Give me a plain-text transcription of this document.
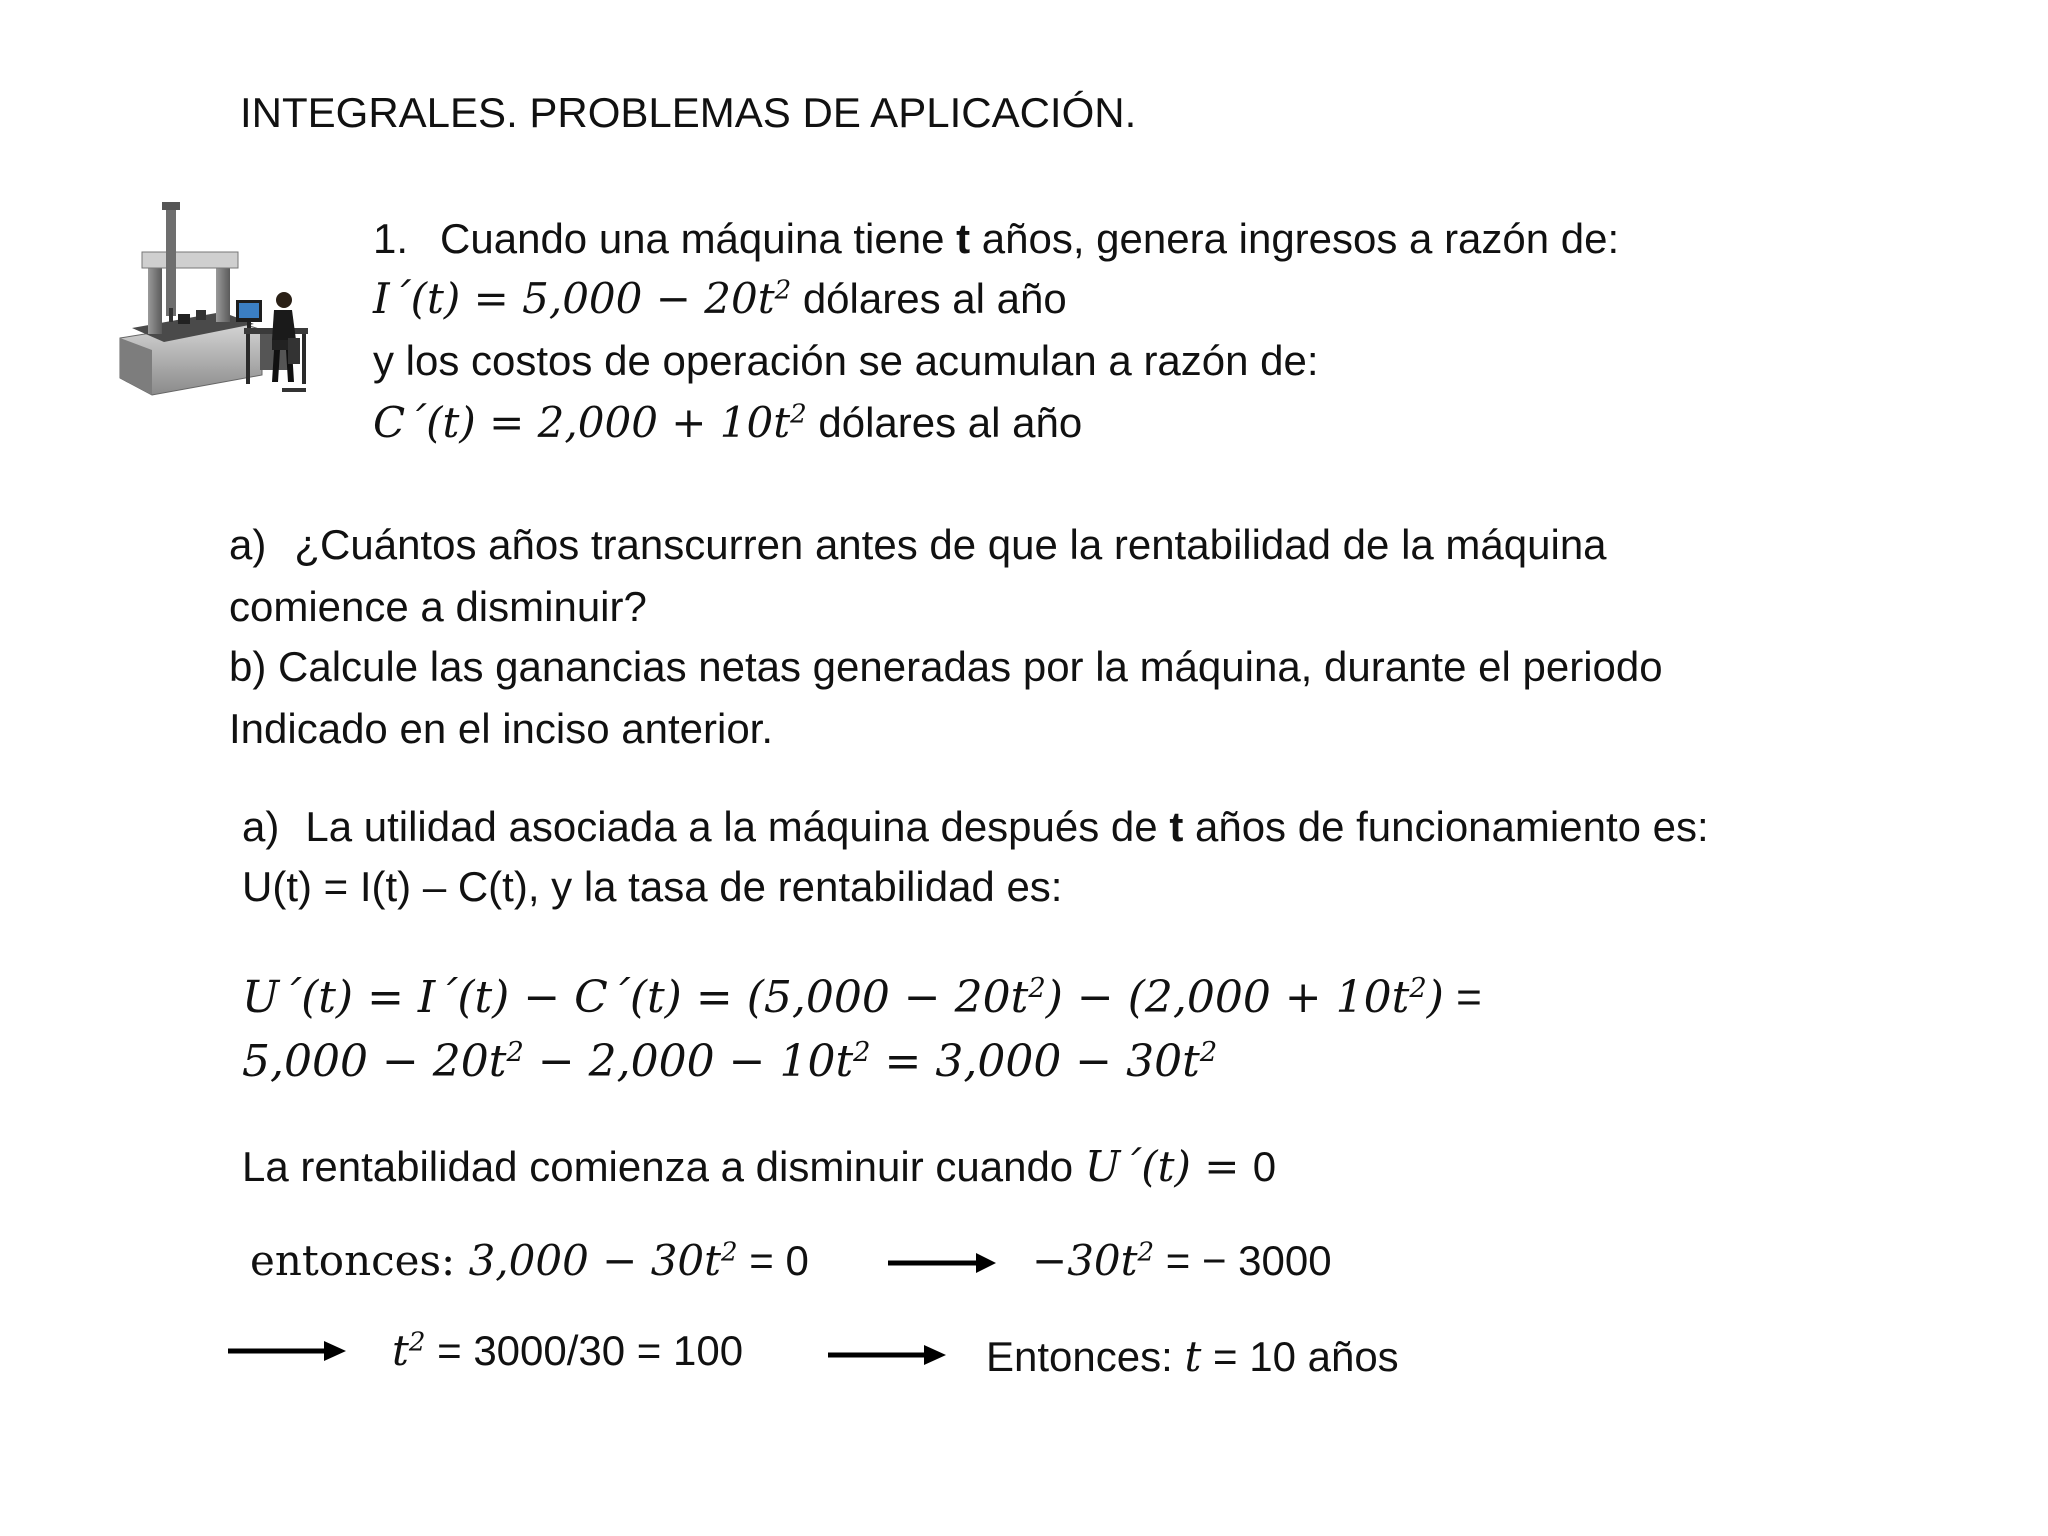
INTEGRALES. PROBLEMAS DE APLICACIÓN.
1. Cuando una máquina tiene t años, genera ingresos a razón de:
I´(t) = $5,000 - 20t^2$ dólares al año
y los costos de operación se acumulan a razón de:
C´(t) = $2,000 + 10t^2$ dólares al año
a) ¿Cuántos años transcurren antes de que la rentabilidad de la máquina
comience a disminuir?
b) Calcule las ganancias netas generadas por la máquina, durante el periodo
Indicado en el inciso anterior.
a) La utilidad asociada a la máquina después de t años de funcionamiento es:
U(t) = I(t) – C(t), y la tasa de rentabilidad es:
U´(t) = I´(t) − C´(t) = $(5,000 - 20t^2) - (2,000 + 10t^2)$ =
$5,000 - 20t^2 - 2,000 - 10t^2 = 3,000 - 30t^2$
La rentabilidad comienza a disminuir cuando U´(t) = 0
entonces: $3,000 - 30t^2 = 0$	$-30t^2$ = − 3000
$t^2 = 3000/30 = 100$	Entonces: t = 10 años
